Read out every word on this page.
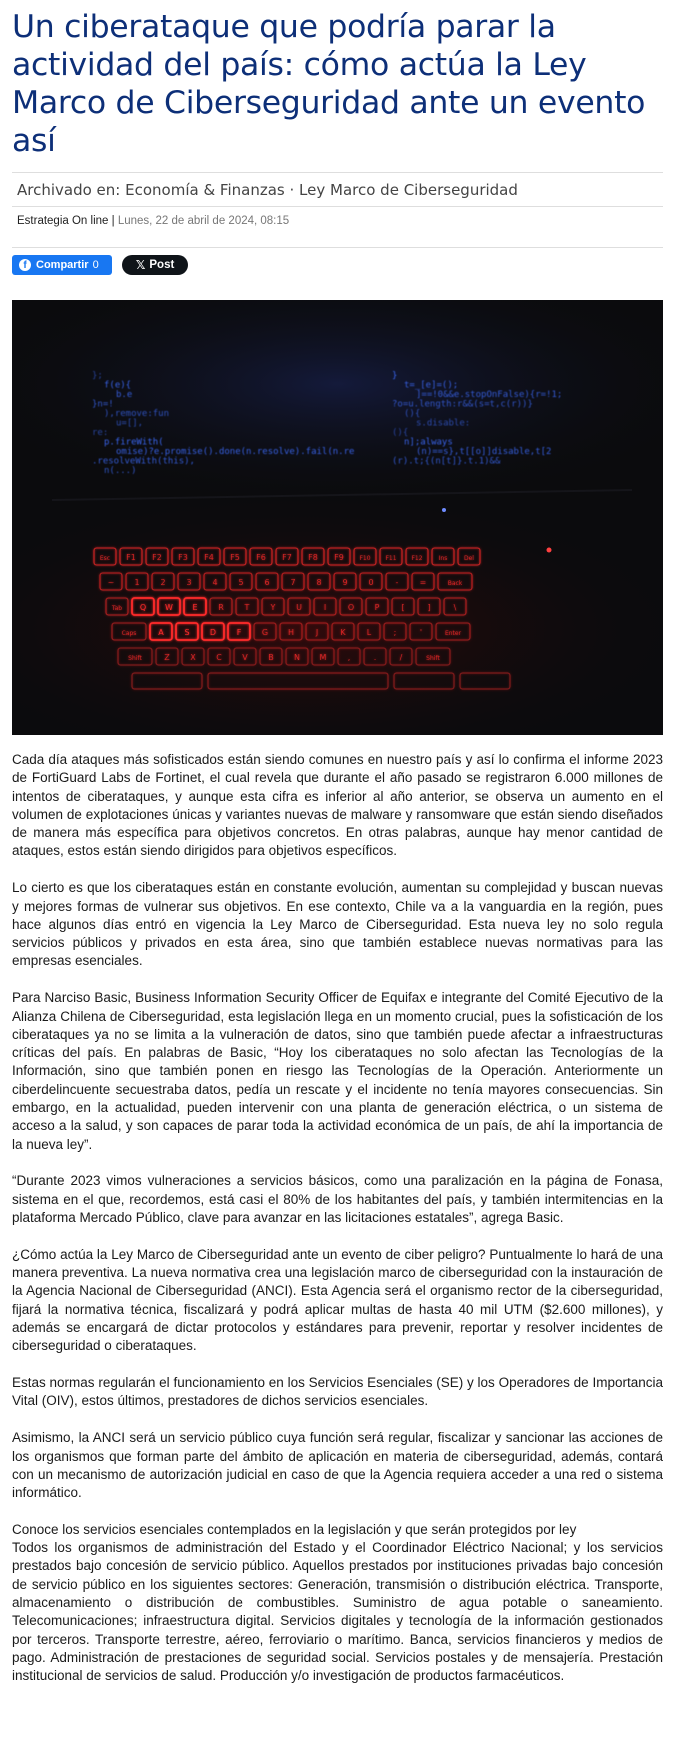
Un ciberataque que podría parar la actividad del país: cómo actúa la Ley Marco de Ciberseguridad ante un evento así
Archivado en: Economía & Finanzas · Ley Marco de Ciberseguridad
Estrategia On line | Lunes, 22 de abril de 2024, 08:15
f Compartir 0	𝕏 Post
};	}
f(e){	t=_[e]=();
b.e	]==!0&&e.stopOnFalse){r=!1;
}n=!	?o=u.length:r&&(s=t,c(r))}
),remove:fun	(){
u=[],	s.disable:
re:	(){
p.fireWith(	n];always
omise)?e.promise().done(n.resolve).fail(n.re	(n)==s},t[[o]]disable,t[2
.resolveWith(this),	(r).t;{(n[t]}.t.1)&&
n(...)
Esc F1 F2 F3 F4 F5 F6 F7 F8 F9	F10 F11 F12	Ins	Del
~	1	2	3	4	5	6	7	8	9	0	-	=	Back
Tab Q W E	R	T	Y	U	I	O	P	[	]	\
Caps	A	S	D	F	G H	J	K	L	;	'	Enter
Shift	Z	X	C	V	B	N M	,	.	/	Shift

Cada día ataques más sofisticados están siendo comunes en nuestro país y así lo confirma el informe 2023 de FortiGuard Labs de Fortinet, el cual revela que durante el año pasado se registraron 6.000 millones de intentos de ciberataques, y aunque esta cifra es inferior al año anterior, se observa un aumento en el volumen de explotaciones únicas y variantes nuevas de malware y ransomware que están siendo diseñados de manera más específica para objetivos concretos. En otras palabras, aunque hay menor cantidad de ataques, estos están siendo dirigidos para objetivos específicos.

Lo cierto es que los ciberataques están en constante evolución, aumentan su complejidad y buscan nuevas y mejores formas de vulnerar sus objetivos. En ese contexto, Chile va a la vanguardia en la región, pues hace algunos días entró en vigencia la Ley Marco de Ciberseguridad. Esta nueva ley no solo regula servicios públicos y privados en esta área, sino que también establece nuevas normativas para las empresas esenciales.

Para Narciso Basic, Business Information Security Officer de Equifax e integrante del Comité Ejecutivo de la Alianza Chilena de Ciberseguridad, esta legislación llega en un momento crucial, pues la sofisticación de los ciberataques ya no se limita a la vulneración de datos, sino que también puede afectar a infraestructuras críticas del país. En palabras de Basic, “Hoy los ciberataques no solo afectan las Tecnologías de la Información, sino que también ponen en riesgo las Tecnologías de la Operación. Anteriormente un ciberdelincuente secuestraba datos, pedía un rescate y el incidente no tenía mayores consecuencias. Sin embargo, en la actualidad, pueden intervenir con una planta de generación eléctrica, o un sistema de acceso a la salud, y son capaces de parar toda la actividad económica de un país, de ahí la importancia de la nueva ley”.

“Durante 2023 vimos vulneraciones a servicios básicos, como una paralización en la página de Fonasa, sistema en el que, recordemos, está casi el 80% de los habitantes del país, y también intermitencias en la plataforma Mercado Público, clave para avanzar en las licitaciones estatales”, agrega Basic.

¿Cómo actúa la Ley Marco de Ciberseguridad ante un evento de ciber peligro? Puntualmente lo hará de una manera preventiva. La nueva normativa crea una legislación marco de ciberseguridad con la instauración de la Agencia Nacional de Ciberseguridad (ANCI). Esta Agencia será el organismo rector de la ciberseguridad, fijará la normativa técnica, fiscalizará y podrá aplicar multas de hasta 40 mil UTM ($2.600 millones), y además se encargará de dictar protocolos y estándares para prevenir, reportar y resolver incidentes de ciberseguridad o ciberataques.

Estas normas regularán el funcionamiento en los Servicios Esenciales (SE) y los Operadores de Importancia Vital (OIV), estos últimos, prestadores de dichos servicios esenciales.

Asimismo, la ANCI será un servicio público cuya función será regular, fiscalizar y sancionar las acciones de los organismos que forman parte del ámbito de aplicación en materia de ciberseguridad, además, contará con un mecanismo de autorización judicial en caso de que la Agencia requiera acceder a una red o sistema informático.

Conoce los servicios esenciales contemplados en la legislación y que serán protegidos por ley

Todos los organismos de administración del Estado y el Coordinador Eléctrico Nacional; y los servicios prestados bajo concesión de servicio público. Aquellos prestados por instituciones privadas bajo concesión de servicio público en los siguientes sectores: Generación, transmisión o distribución eléctrica. Transporte, almacenamiento o distribución de combustibles. Suministro de agua potable o saneamiento. Telecomunicaciones; infraestructura digital. Servicios digitales y tecnología de la información gestionados por terceros. Transporte terrestre, aéreo, ferroviario o marítimo. Banca, servicios financieros y medios de pago. Administración de prestaciones de seguridad social. Servicios postales y de mensajería. Prestación institucional de servicios de salud. Producción y/o investigación de productos farmacéuticos.
